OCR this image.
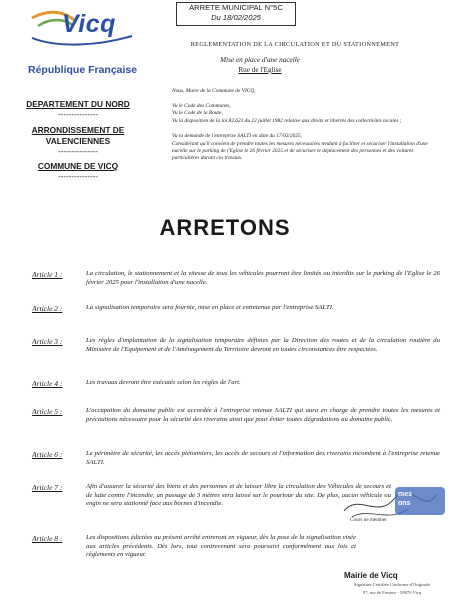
Vicq
République Française
DEPARTEMENT DU NORD
---------------
ARRONDISSEMENT DE
VALENCIENNES
---------------
COMMUNE DE VICQ
---------------
ARRETE MUNICIPAL N°5C
Du 18/02/2025
REGLEMENTATION DE LA CIRCULATION ET DU STATIONNEMENT
Mise en place d'une nacelle
Rue de l'Eglise
Nous, Maire de la Commune de VICQ,
Vu le Code des Communes,
Vu le Code de la Route,
Vu la disposition de la loi 82.623 du 22 juillet 1982 relative aux droits et libertés des collectivités locales ;
Vu la demande de l'entreprise SALTI en date du 17/02/2025,
Considérant qu'il convient de prendre toutes les mesures nécessaires tendant à faciliter et sécuriser l'installation d'une nacelle sur le parking de l'Eglise le 26 février 2025 et de sécuriser le déplacement des personnes et des voitures particulières durant ces travaux.
ARRETONS
Article 1 :	La circulation, le stationnement et la vitesse de tous les véhicules pourront être limités ou interdits sur le parking de l'Eglise le 26 février 2025 pour l'installation d'une nacelle.
Article 2 :	La signalisation temporaire sera fournie, mise en place et entretenue par l'entreprise SALTI.
Article 3 :	Les règles d'implantation de la signalisation temporaire définies par la Direction des routes et de la circulation routière du Ministère de l'Equipement et de l'Aménagement du Territoire devront en toutes circonstances être respectées.
Article 4 :	Les travaux devront être exécutés selon les règles de l'art.
Article 5 :	L'occupation du domaine public est accordée à l'entreprise retenue SALTI qui aura en charge de prendre toutes les mesures et précautions nécessaire pour la sécurité des riverains ainsi que pour éviter toutes dégradations au domaine public.
Article 6 :	Le périmètre de sécurité, les accès piétonniers, les accès de secours et l'information des riverains incombent à l'entreprise retenue SALTI.
Article 7 :	Afin d'assurer la sécurité des biens et des personnes et de laisser libre la circulation des Véhicules de secours et de lutte contre l'incendie, un passage de 3 mètres sera laissé sur le pourtour du site. De plus, aucun véhicule ou engin ne sera stationné face aux bornes d'incendie.
Article 8 :	Les dispositions édictées au présent arrêté entreront en vigueur, dès la pose de la signalisation visée aux articles précédents. Dès lors, tout contrevenant sera poursuivi conformément aux lois et règlements en vigueur.
mes
ons
Cours ne member
Mairie de Vicq
Signature Certifiée Conforme d'Originale
97, rue de Fresnes - 59970 Vicq
